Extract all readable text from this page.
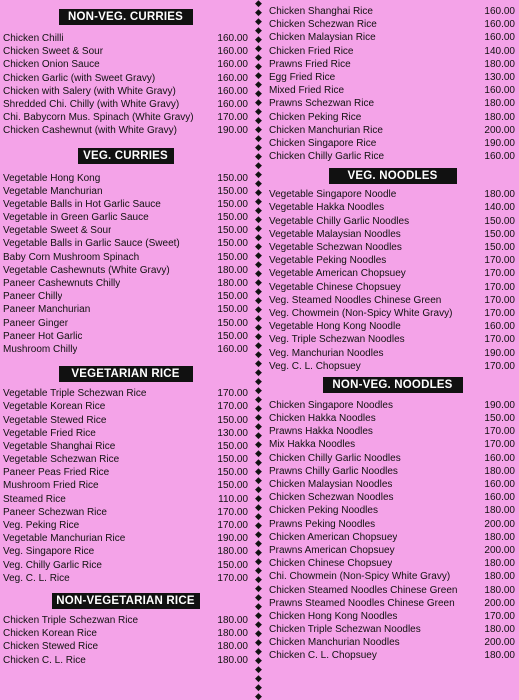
NON-VEG. CURRIES
Chicken Chilli	160.00
Chicken Sweet & Sour	160.00
Chicken Onion Sauce	160.00
Chicken Garlic (with Sweet Gravy)	160.00
Chicken with Salery (with White Gravy)	160.00
Shredded Chi. Chilly (with White Gravy)	160.00
Chi. Babycorn Mus. Spinach (White Gravy)	170.00
Chicken Cashewnut (with White Gravy)	190.00
VEG. CURRIES
Vegetable Hong Kong	150.00
Vegetable Manchurian	150.00
Vegetable Balls in Hot Garlic Sauce	150.00
Vegetable in Green Garlic Sauce	150.00
Vegetable Sweet & Sour	150.00
Vegetable Balls in Garlic Sauce (Sweet)	150.00
Baby Corn Mushroom Spinach	150.00
Vegetable Cashewnuts (White Gravy)	180.00
Paneer Cashewnuts Chilly	180.00
Paneer Chilly	150.00
Paneer Manchurian	150.00
Paneer Ginger	150.00
Paneer Hot Garlic	150.00
Mushroom Chilly	160.00
VEGETARIAN RICE
Vegetable Triple Schezwan Rice	170.00
Vegetable Korean Rice	170.00
Vegetable Stewed Rice	150.00
Vegetable Fried Rice	130.00
Vegetable Shanghai Rice	150.00
Vegetable Schezwan Rice	150.00
Paneer Peas Fried Rice	150.00
Mushroom Fried Rice	150.00
Steamed Rice	110.00
Paneer Schezwan Rice	170.00
Veg. Peking Rice	170.00
Vegetable Manchurian Rice	190.00
Veg. Singapore Rice	180.00
Veg. Chilly Garlic Rice	150.00
Veg. C. L. Rice	170.00
NON-VEGETARIAN RICE
Chicken Triple Schezwan Rice	180.00
Chicken Korean Rice	180.00
Chicken Stewed Rice	180.00
Chicken C. L. Rice	180.00
◆
◆
◆
◆
◆
◆
◆
◆
◆
◆
◆
◆
◆
◆
◆
◆
◆
◆
◆
◆
◆
◆
◆
◆
◆
◆
◆
◆
◆
◆
◆
◆
◆
◆
◆
◆
◆
◆
◆
◆
◆
◆
◆
◆
◆
◆
◆
◆
◆
◆
◆
◆
◆
◆
◆
◆
◆
◆
◆
◆
◆
◆
◆
◆
◆
◆
◆
◆
◆
◆
◆
◆
◆
◆
◆
◆
◆
◆
Chicken Shanghai Rice	160.00
Chicken Schezwan Rice	160.00
Chicken Malaysian Rice	160.00
Chicken Fried Rice	140.00
Prawns Fried Rice	180.00
Egg Fried Rice	130.00
Mixed Fried Rice	160.00
Prawns Schezwan Rice	180.00
Chicken Peking Rice	180.00
Chicken Manchurian Rice	200.00
Chicken Singapore Rice	190.00
Chicken Chilly Garlic Rice	160.00
VEG. NOODLES
Vegetable Singapore Noodle	180.00
Vegetable Hakka Noodles	140.00
Vegetable Chilly Garlic Noodles	150.00
Vegetable Malaysian Noodles	150.00
Vegetable Schezwan Noodles	150.00
Vegetable Peking Noodles	170.00
Vegetable American Chopsuey	170.00
Vegetable Chinese Chopsuey	170.00
Veg. Steamed Noodles Chinese Green	170.00
Veg. Chowmein (Non-Spicy White Gravy)	170.00
Vegetable Hong Kong Noodle	160.00
Veg. Triple Schezwan Noodles	170.00
Veg. Manchurian Noodles	190.00
Veg. C. L. Chopsuey	170.00
NON-VEG. NOODLES
Chicken Singapore Noodles	190.00
Chicken Hakka Noodles	150.00
Prawns Hakka Noodles	170.00
Mix Hakka Noodles	170.00
Chicken Chilly Garlic Noodles	160.00
Prawns Chilly Garlic Noodles	180.00
Chicken Malaysian Noodles	160.00
Chicken Schezwan Noodles	160.00
Chicken Peking Noodles	180.00
Prawns Peking Noodles	200.00
Chicken American Chopsuey	180.00
Prawns American Chopsuey	200.00
Chicken Chinese Chopsuey	180.00
Chi. Chowmein (Non-Spicy White Gravy)	180.00
Chicken Steamed Noodles Chinese Green	180.00
Prawns Steamed Noodles Chinese Green	200.00
Chicken Hong Kong Noodles	170.00
Chicken Triple Schezwan Noodles	180.00
Chicken Manchurian Noodles	200.00
Chicken C. L. Chopsuey	180.00
